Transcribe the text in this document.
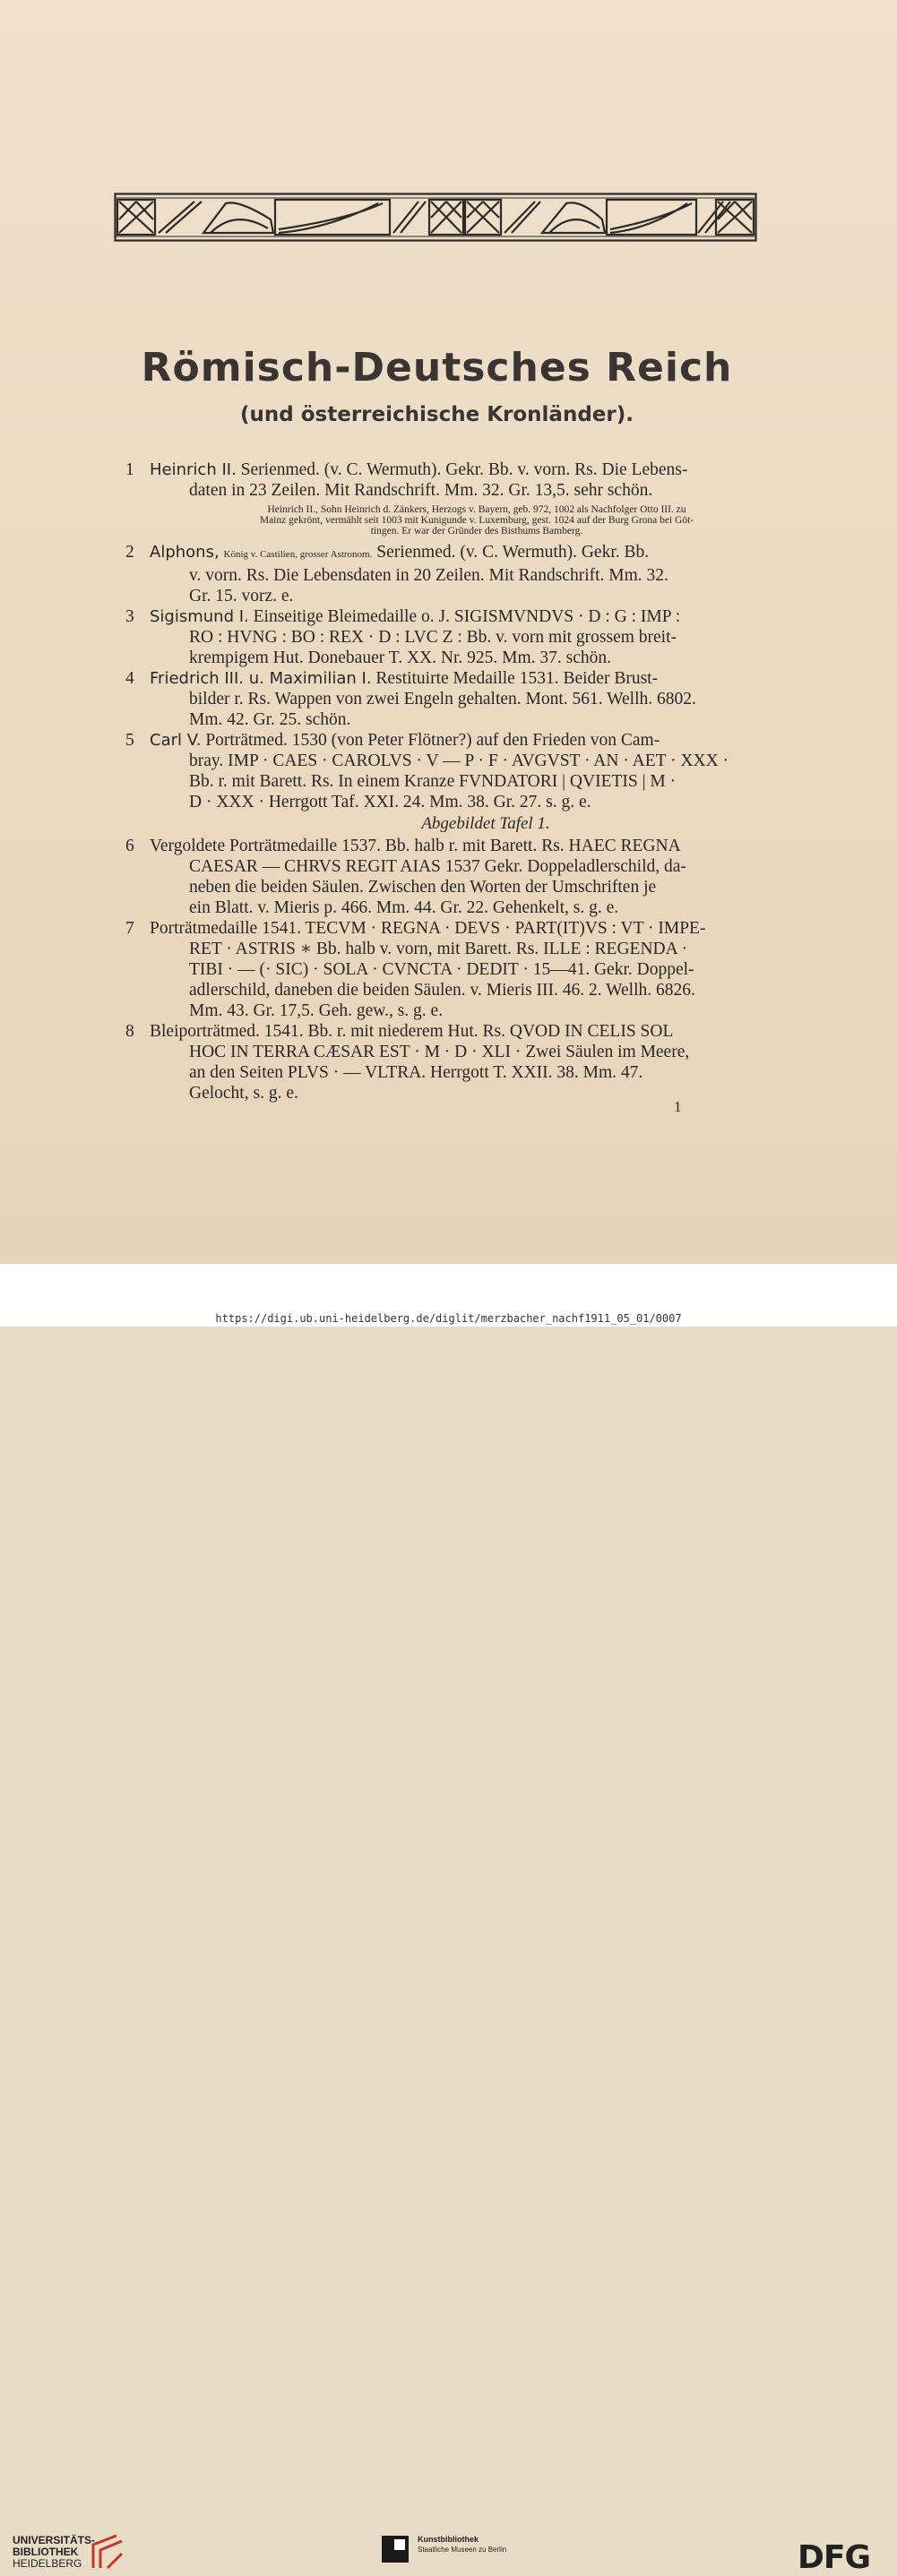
Römisch-Deutsches Reich
(und österreichische Kronländer).
1 Heinrich II. Serienmed. (v. C. Wermuth). Gekr. Bb. v. vorn. Rs. Die Lebens-
daten in 23 Zeilen. Mit Randschrift. Mm. 32. Gr. 13,5. sehr schön.
Heinrich II., Sohn Heinrich d. Zänkers, Herzogs v. Bayern, geb. 972, 1002 als Nachfolger Otto III. zu
Mainz gekrönt, vermählt seit 1003 mit Kunigunde v. Luxemburg, gest. 1024 auf der Burg Grona bei Göt-
tingen. Er war der Gründer des Bisthums Bamberg.
2 Alphons, König v. Castilien, grosser Astronom. Serienmed. (v. C. Wermuth). Gekr. Bb.
v. vorn. Rs. Die Lebensdaten in 20 Zeilen. Mit Randschrift. Mm. 32.
Gr. 15. vorz. e.
3 Sigismund I. Einseitige Bleimedaille o. J. SIGISMVNDVS · D : G : IMP :
RO : HVNG : BO : REX · D : LVC Z : Bb. v. vorn mit grossem breit-
krempigem Hut. Donebauer T. XX. Nr. 925. Mm. 37. schön.
4 Friedrich III. u. Maximilian I. Restituirte Medaille 1531. Beider Brust-
bilder r. Rs. Wappen von zwei Engeln gehalten. Mont. 561. Wellh. 6802.
Mm. 42. Gr. 25. schön.
5 Carl V. Porträtmed. 1530 (von Peter Flötner?) auf den Frieden von Cam-
bray. IMP · CAES · CAROLVS · V — P · F · AVGVST · AN · AET · XXX ·
Bb. r. mit Barett. Rs. In einem Kranze FVNDATORI | QVIETIS | M ·
D · XXX · Herrgott Taf. XXI. 24. Mm. 38. Gr. 27. s. g. e.
Abgebildet Tafel 1.
6 Vergoldete Porträtmedaille 1537. Bb. halb r. mit Barett. Rs. HAEC REGNA
CAESAR — CHRVS REGIT AIAS 1537 Gekr. Doppeladlerschild, da-
neben die beiden Säulen. Zwischen den Worten der Umschriften je
ein Blatt. v. Mieris p. 466. Mm. 44. Gr. 22. Gehenkelt, s. g. e.
7 Porträtmedaille 1541. TECVM · REGNA · DEVS · PART(IT)VS : VT · IMPE-
RET · ASTRIS ∗ Bb. halb v. vorn, mit Barett. Rs. ILLE : REGENDA ·
TIBI · — (· SIC) · SOLA · CVNCTA · DEDIT · 15—41. Gekr. Doppel-
adlerschild, daneben die beiden Säulen. v. Mieris III. 46. 2. Wellh. 6826.
Mm. 43. Gr. 17,5. Geh. gew., s. g. e.
8 Bleiporträtmed. 1541. Bb. r. mit niederem Hut. Rs. QVOD IN CELIS SOL
HOC IN TERRA CÆSAR EST · M · D · XLI · Zwei Säulen im Meere,
an den Seiten PLVS · — VLTRA. Herrgott T. XXII. 38. Mm. 47.
Gelocht, s. g. e.
1
UNIVERSITÄTS-
BIBLIOTHEK
HEIDELBERG
Kunstbibliothek
Staatliche Museen zu Berlin	DFG
https://digi.ub.uni-heidelberg.de/diglit/merzbacher_nachf1911_05_01/0007
